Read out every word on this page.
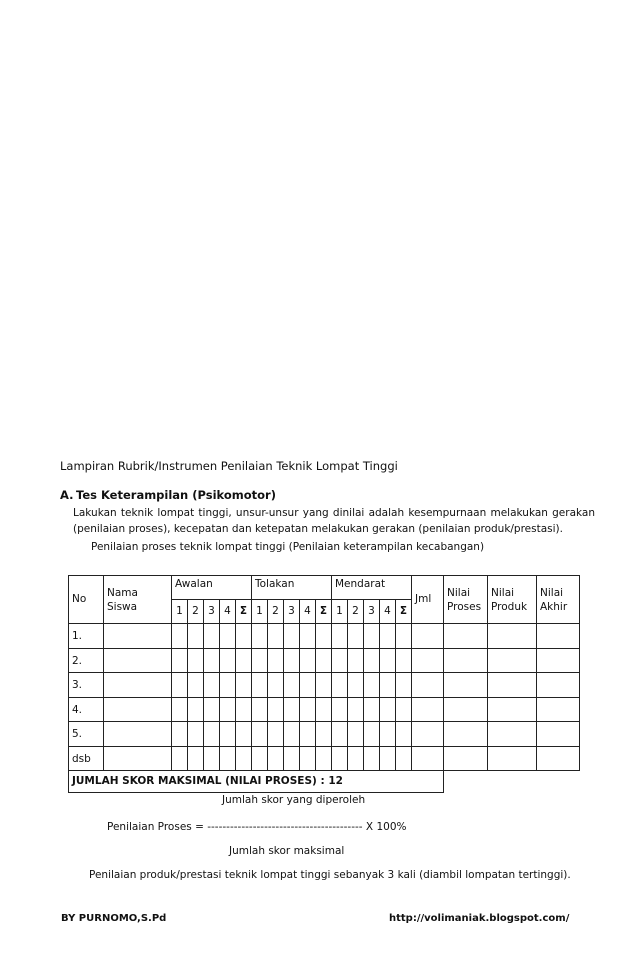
Lampiran Rubrik/Instrumen Penilaian Teknik Lompat Tinggi
A. Tes Keterampilan (Psikomotor)
Lakukan teknik lompat tinggi, unsur-unsur yang dinilai adalah kesempurnaan melakukan gerakan
(penilaian proses), kecepatan dan ketepatan melakukan gerakan (penilaian produk/prestasi).
Penilaian proses teknik lompat tinggi (Penilaian keterampilan kecabangan)
No	Nama Siswa	Awalan					Tolakan					Mendarat					Jml	Nilai Proses	Nilai Produk	Nilai Akhir
		1	2	3	4	Σ	1	2	3	4	Σ	1	2	3	4	Σ				
1.																				
2.																				
3.																				
4.																				
5.																				
dsb																				
JUMLAH SKOR MAKSIMAL (NILAI PROSES) : 12																				
Jumlah skor yang diperoleh
Penilaian Proses = ----------------------------------------- X 100%
Jumlah skor maksimal
Penilaian produk/prestasi teknik lompat tinggi sebanyak 3 kali (diambil lompatan tertinggi).
BY PURNOMO,S.Pd	http://volimaniak.blogspot.com/
